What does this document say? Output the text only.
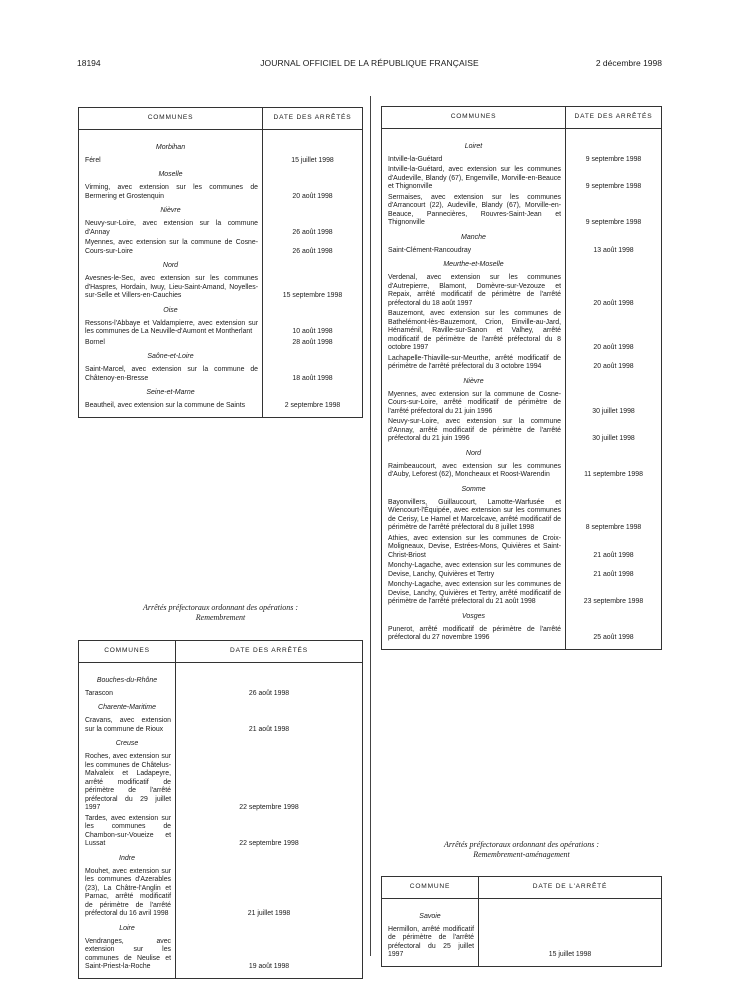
18194	JOURNAL OFFICIEL DE LA RÉPUBLIQUE FRANÇAISE	2 décembre 1998
COMMUNES	DATE DES ARRÊTÉS

Morbihan	
Férel	15 juillet 1998
Moselle	
Virming, avec extension sur les communes de Bermering et Grostenquin	20 août 1998
Nièvre	
Neuvy-sur-Loire, avec extension sur la commune d'Annay	26 août 1998
Myennes, avec extension sur la commune de Cosne-Cours-sur-Loire	26 août 1998
Nord	
Avesnes-le-Sec, avec extension sur les communes d'Haspres, Hordain, Iwuy, Lieu-Saint-Amand, Noyelles-sur-Selle et Villers-en-Cauchies	15 septembre 1998
Oise	
Ressons-l'Abbaye et Valdampierre, avec extension sur les communes de La Neuville-d'Aumont et Montherlant	10 août 1998
Bornel	28 août 1998
Saône-et-Loire	
Saint-Marcel, avec extension sur la commune de Châtenoy-en-Bresse	18 août 1998
Seine-et-Marne	
Beautheil, avec extension sur la commune de Saints	2 septembre 1998

Arrêtés préfectoraux ordonnant des opérations :
Remembrement
COMMUNES	DATE DES ARRÊTÉS

Bouches-du-Rhône	
Tarascon	26 août 1998
Charente-Maritime	
Cravans, avec extension sur la commune de Rioux	21 août 1998
Creuse	
Roches, avec extension sur les communes de Châtelus-Malvaleix et Ladapeyre, arrêté modificatif de périmètre de l'arrêté préfectoral du 29 juillet 1997	22 septembre 1998
Tardes, avec extension sur les communes de Chambon-sur-Voueize et Lussat	22 septembre 1998
Indre	
Mouhet, avec extension sur les communes d'Azerables (23), La Châtre-l'Anglin et Parnac, arrêté modificatif de périmètre de l'arrêté préfectoral du 16 avril 1998	21 juillet 1998
Loire	
Vendranges, avec extension sur les communes de Neulise et Saint-Priest-la-Roche	19 août 1998

COMMUNES	DATE DES ARRÊTÉS

Loiret	
Intville-la-Guétard	9 septembre 1998
Intville-la-Guétard, avec extension sur les communes d'Audeville, Blandy (67), Engenville, Morville-en-Beauce et Thignonville	9 septembre 1998
Sermaises, avec extension sur les communes d'Arrancourt (22), Audeville, Blandy (67), Morville-en-Beauce, Pannecières, Rouvres-Saint-Jean et Thignonville	9 septembre 1998
Manche	
Saint-Clément-Rancoudray	13 août 1998
Meurthe-et-Moselle	
Verdenal, avec extension sur les communes d'Autrepierre, Blamont, Domèvre-sur-Vezouze et Repaix, arrêté modificatif de périmètre de l'arrêté préfectoral du 18 août 1997	20 août 1998
Bauzemont, avec extension sur les communes de Bathelémont-lès-Bauzemont, Crion, Einville-au-Jard, Hénaménil, Raville-sur-Sanon et Valhey, arrêté modificatif de périmètre de l'arrêté préfectoral du 8 octobre 1997	20 août 1998
Lachapelle-Thiaville-sur-Meurthe, arrêté modificatif de périmètre de l'arrêté préfectoral du 3 octobre 1994	20 août 1998
Nièvre	
Myennes, avec extension sur la commune de Cosne-Cours-sur-Loire, arrêté modificatif de périmètre de l'arrêté préfectoral du 21 juin 1996	30 juillet 1998
Neuvy-sur-Loire, avec extension sur la commune d'Annay, arrêté modificatif de périmètre de l'arrêté préfectoral du 21 juin 1996	30 juillet 1998
Nord	
Raimbeaucourt, avec extension sur les communes d'Auby, Leforest (62), Moncheaux et Roost-Warendin	11 septembre 1998
Somme	
Bayonvillers, Guillaucourt, Lamotte-Warfusée et Wiencourt-l'Équipée, avec extension sur les communes de Cerisy, Le Hamel et Marcelcave, arrêté modificatif de périmètre de l'arrêté préfectoral du 8 juillet 1998	8 septembre 1998
Athies, avec extension sur les communes de Croix-Moligneaux, Devise, Estrées-Mons, Quivières et Saint-Christ-Briost	21 août 1998
Monchy-Lagache, avec extension sur les communes de Devise, Lanchy, Quivières et Tertry	21 août 1998
Monchy-Lagache, avec extension sur les communes de Devise, Lanchy, Quivières et Tertry, arrêté modificatif de périmètre de l'arrêté préfectoral du 21 août 1998	23 septembre 1998
Vosges	
Punerot, arrêté modificatif de périmètre de l'arrêté préfectoral du 27 novembre 1996	25 août 1998

Arrêtés préfectoraux ordonnant des opérations :
Remembrement-aménagement
COMMUNE	DATE DE L'ARRÊTÉ

Savoie	
Hermillon, arrêté modificatif de périmètre de l'arrêté préfectoral du 25 juillet 1997	15 juillet 1998
